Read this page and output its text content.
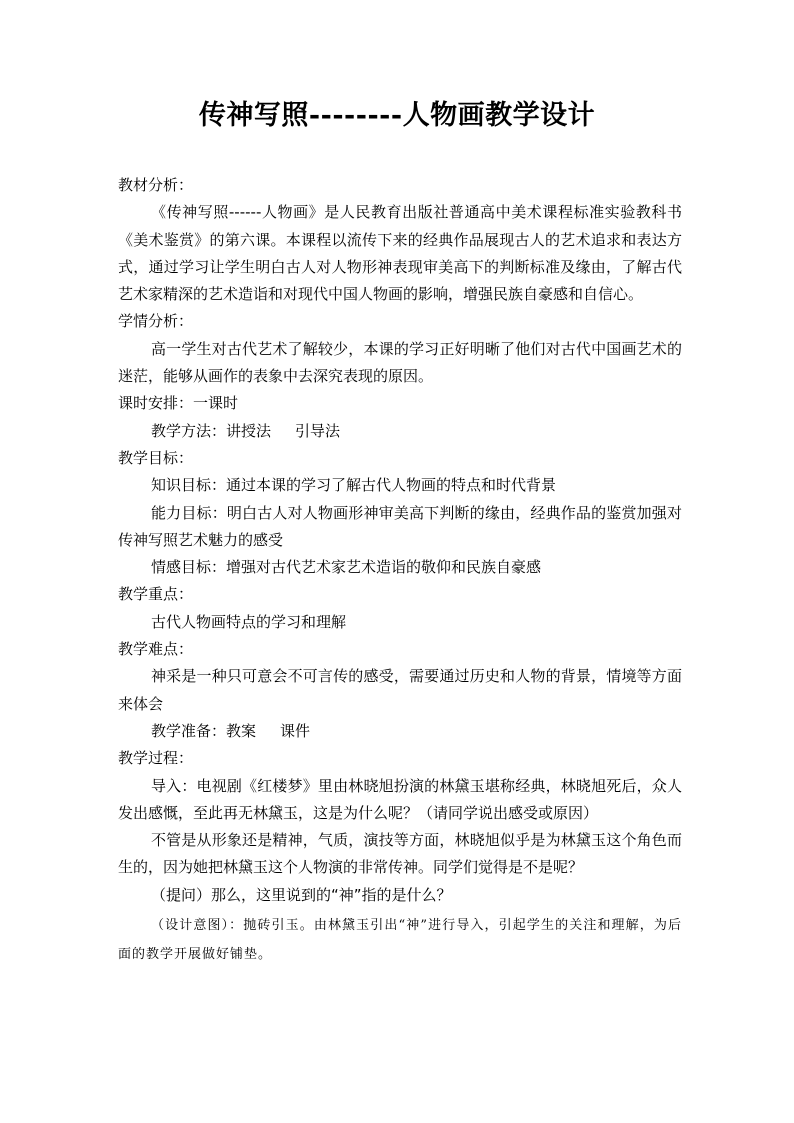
传神写照--------人物画教学设计

教材分析：

《传神写照------人物画》是人民教育出版社普通高中美术课程标准实验教科书《美术鉴赏》的第六课。本课程以流传下来的经典作品展现古人的艺术追求和表达方式，通过学习让学生明白古人对人物形神表现审美高下的判断标准及缘由，了解古代艺术家精深的艺术造诣和对现代中国人物画的影响，增强民族自豪感和自信心。

学情分析：

高一学生对古代艺术了解较少，本课的学习正好明晰了他们对古代中国画艺术的迷茫，能够从画作的表象中去深究表现的原因。

课时安排：一课时

教学方法：讲授法 引导法

教学目标：

知识目标：通过本课的学习了解古代人物画的特点和时代背景

能力目标：明白古人对人物画形神审美高下判断的缘由，经典作品的鉴赏加强对传神写照艺术魅力的感受

情感目标：增强对古代艺术家艺术造诣的敬仰和民族自豪感

教学重点：

古代人物画特点的学习和理解

教学难点：

神采是一种只可意会不可言传的感受，需要通过历史和人物的背景，情境等方面来体会

教学准备：教案 课件

教学过程：

导入：电视剧《红楼梦》里由林晓旭扮演的林黛玉堪称经典，林晓旭死后，众人发出感慨，至此再无林黛玉，这是为什么呢？（请同学说出感受或原因）

不管是从形象还是精神，气质，演技等方面，林晓旭似乎是为林黛玉这个角色而生的，因为她把林黛玉这个人物演的非常传神。同学们觉得是不是呢？

（提问）那么，这里说到的“神”指的是什么？

（设计意图）：抛砖引玉。由林黛玉引出“神”进行导入，引起学生的关注和理解，为后面的教学开展做好铺垫。
